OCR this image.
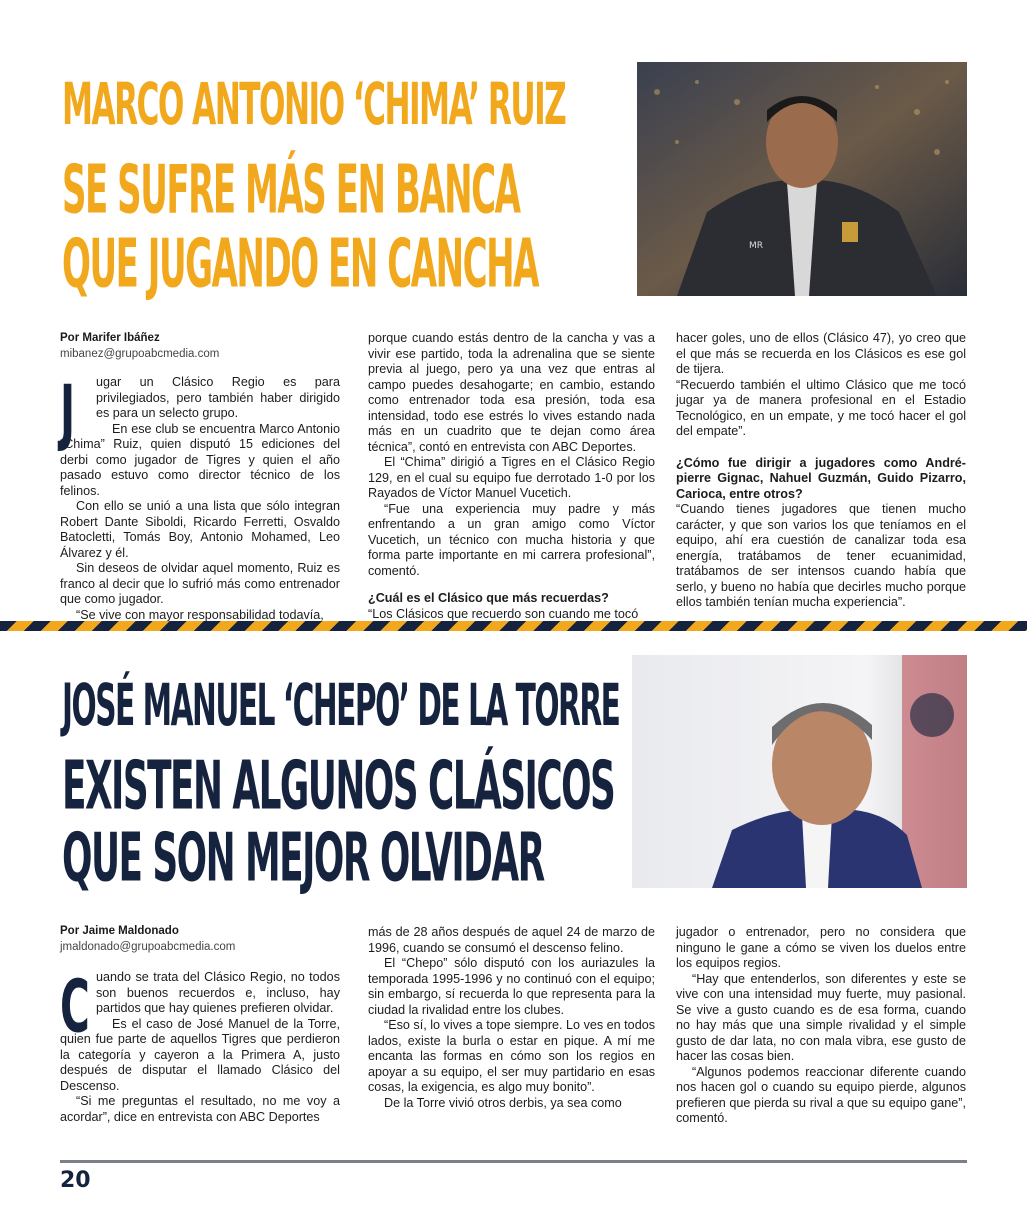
MARCO ANTONIO ‘CHIMA’ RUIZ
SE SUFRE MÁS EN BANCA
QUE JUGANDO EN CANCHA	MR
Por Marifer Ibáñez
mibanez@grupoabcmedia.com
J	ugar un Clásico Regio es para privilegiados, pero también haber dirigido es para un selecto grupo.

En ese club se encuentra Marco Antonio “Chima” Ruiz, quien disputó 15 ediciones del derbi como jugador de Tigres y quien el año pasado estuvo como director técnico de los felinos.

Con ello se unió a una lista que sólo integran Robert Dante Siboldi, Ricardo Ferretti, Osvaldo Batocletti, Tomás Boy, Antonio Mohamed, Leo Álvarez y él.

Sin deseos de olvidar aquel momento, Ruiz es franco al decir que lo sufrió más como entrenador que como jugador.

“Se vive con mayor responsabilidad todavía,

porque cuando estás dentro de la cancha y vas a vivir ese partido, toda la adrenalina que se siente previa al juego, pero ya una vez que entras al campo puedes desahogarte; en cambio, estando como entrenador toda esa presión, toda esa intensidad, todo ese estrés lo vives estando nada más en un cuadrito que te dejan como área técnica”, contó en entrevista con ABC Deportes.

El “Chima” dirigió a Tigres en el Clásico Regio 129, en el cual su equipo fue derrotado 1-0 por los Rayados de Víctor Manuel Vucetich.

“Fue una experiencia muy padre y más enfrentando a un gran amigo como Víctor Vucetich, un técnico con mucha historia y que forma parte importante en mi carrera profesional”, comentó.

¿Cuál es el Clásico que más recuerdas?

“Los Clásicos que recuerdo son cuando me tocó

hacer goles, uno de ellos (Clásico 47), yo creo que el que más se recuerda en los Clásicos es ese gol de tijera.

“Recuerdo también el ultimo Clásico que me tocó jugar ya de manera profesional en el Estadio Tecnológico, en un empate, y me tocó hacer el gol del empate”.

¿Cómo fue dirigir a jugadores como André-pierre Gignac, Nahuel Guzmán, Guido Pizarro, Carioca, entre otros?

“Cuando tienes jugadores que tienen mucho carácter, y que son varios los que teníamos en el equipo, ahí era cuestión de canalizar toda esa energía, tratábamos de tener ecuanimidad, tratábamos de ser intensos cuando había que serlo, y bueno no había que decirles mucho porque ellos también tenían mucha experiencia”.

JOSÉ MANUEL ‘CHEPO’ DE LA TORRE
EXISTEN ALGUNOS CLÁSICOS
QUE SON MEJOR OLVIDAR
Por Jaime Maldonado
jmaldonado@grupoabcmedia.com
C uando se trata del Clásico Regio, no todos son buenos recuerdos e, incluso, hay partidos que hay quienes prefieren olvidar.

Es el caso de José Manuel de la Torre, quien fue parte de aquellos Tigres que perdieron la categoría y cayeron a la Primera A, justo después de disputar el llamado Clásico del Descenso.

“Si me preguntas el resultado, no me voy a acordar”, dice en entrevista con ABC Deportes

más de 28 años después de aquel 24 de marzo de 1996, cuando se consumó el descenso felino.

El “Chepo” sólo disputó con los auriazules la temporada 1995-1996 y no continuó con el equipo; sin embargo, sí recuerda lo que representa para la ciudad la rivalidad entre los clubes.

“Eso sí, lo vives a tope siempre. Lo ves en todos lados, existe la burla o estar en pique. A mí me encanta las formas en cómo son los regios en apoyar a su equipo, el ser muy partidario en esas cosas, la exigencia, es algo muy bonito”.

De la Torre vivió otros derbis, ya sea como

jugador o entrenador, pero no considera que ninguno le gane a cómo se viven los duelos entre los equipos regios.

“Hay que entenderlos, son diferentes y este se vive con una intensidad muy fuerte, muy pasional. Se vive a gusto cuando es de esa forma, cuando no hay más que una simple rivalidad y el simple gusto de dar lata, no con mala vibra, ese gusto de hacer las cosas bien.

“Algunos podemos reaccionar diferente cuando nos hacen gol o cuando su equipo pierde, algunos prefieren que pierda su rival a que su equipo gane”, comentó.

20
